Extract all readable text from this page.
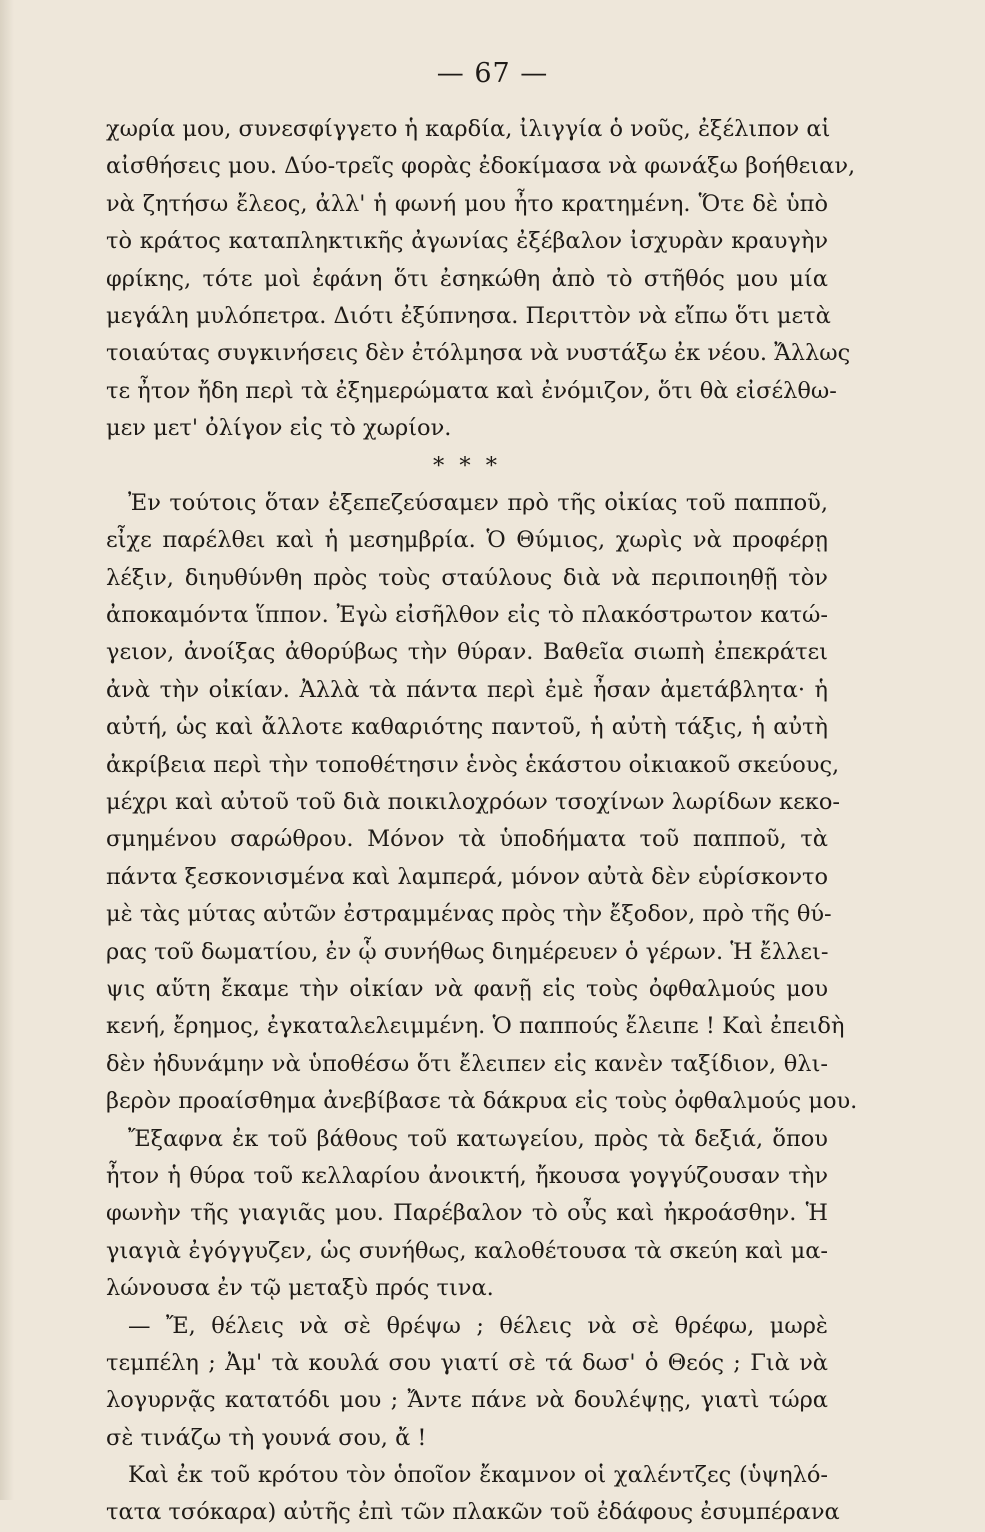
— 67 —
χωρία μου, συνεσφίγγετο ἡ καρδία, ἰλιγγία ὁ νοῦς, ἐξέλιπον αἱ
αἰσθήσεις μου. Δύο-τρεῖς φορὰς ἐδοκίμασα νὰ φωνάξω βοήθειαν,
νὰ ζητήσω ἔλεος, ἀλλ' ἡ φωνή μου ἦτο κρατημένη. Ὅτε δὲ ὑπὸ
τὸ κράτος καταπληκτικῆς ἀγωνίας ἐξέβαλον ἰσχυρὰν κραυγὴν
φρίκης, τότε μοὶ ἐφάνη ὅτι ἐσηκώθη ἀπὸ τὸ στῆθός μου μία
μεγάλη μυλόπετρα. Διότι ἐξύπνησα. Περιττὸν νὰ εἴπω ὅτι μετὰ
τοιαύτας συγκινήσεις δὲν ἐτόλμησα νὰ νυστάξω ἐκ νέου. Ἄλλως
τε ἦτον ἤδη περὶ τὰ ἐξημερώματα καὶ ἐνόμιζον, ὅτι θὰ εἰσέλθω-
μεν μετ' ὀλίγον εἰς τὸ χωρίον.
* * *
Ἐν τούτοις ὅταν ἐξεπεζεύσαμεν πρὸ τῆς οἰκίας τοῦ παπποῦ,
εἶχε παρέλθει καὶ ἡ μεσημβρία. Ὁ Θύμιος, χωρὶς νὰ προφέρῃ
λέξιν, διηυθύνθη πρὸς τοὺς σταύλους διὰ νὰ περιποιηθῇ τὸν
ἀποκαμόντα ἵππον. Ἐγὼ εἰσῆλθον εἰς τὸ πλακόστρωτον κατώ-
γειον, ἀνοίξας ἀθορύβως τὴν θύραν. Βαθεῖα σιωπὴ ἐπεκράτει
ἀνὰ τὴν οἰκίαν. Ἀλλὰ τὰ πάντα περὶ ἐμὲ ἦσαν ἀμετάβλητα· ἡ
αὐτή, ὡς καὶ ἄλλοτε καθαριότης παντοῦ, ἡ αὐτὴ τάξις, ἡ αὐτὴ
ἀκρίβεια περὶ τὴν τοποθέτησιν ἑνὸς ἑκάστου οἰκιακοῦ σκεύους,
μέχρι καὶ αὐτοῦ τοῦ διὰ ποικιλοχρόων τσοχίνων λωρίδων κεκο-
σμημένου σαρώθρου. Μόνον τὰ ὑποδήματα τοῦ παπποῦ, τὰ
πάντα ξεσκονισμένα καὶ λαμπερά, μόνον αὐτὰ δὲν εὑρίσκοντο
μὲ τὰς μύτας αὐτῶν ἐστραμμένας πρὸς τὴν ἔξοδον, πρὸ τῆς θύ-
ρας τοῦ δωματίου, ἐν ᾧ συνήθως διημέρευεν ὁ γέρων. Ἡ ἔλλει-
ψις αὕτη ἔκαμε τὴν οἰκίαν νὰ φανῇ εἰς τοὺς ὀφθαλμούς μου
κενή, ἔρημος, ἐγκαταλελειμμένη. Ὁ παππούς ἔλειπε ! Καὶ ἐπειδὴ
δὲν ἠδυνάμην νὰ ὑποθέσω ὅτι ἔλειπεν εἰς κανὲν ταξίδιον, θλι-
βερὸν προαίσθημα ἀνεβίβασε τὰ δάκρυα εἰς τοὺς ὀφθαλμούς μου.
Ἔξαφνα ἐκ τοῦ βάθους τοῦ κατωγείου, πρὸς τὰ δεξιά, ὅπου
ἦτον ἡ θύρα τοῦ κελλαρίου ἀνοικτή, ἤκουσα γογγύζουσαν τὴν
φωνὴν τῆς γιαγιᾶς μου. Παρέβαλον τὸ οὖς καὶ ἠκροάσθην. Ἡ
γιαγιὰ ἐγόγγυζεν, ὡς συνήθως, καλοθέτουσα τὰ σκεύη καὶ μα-
λώνουσα ἐν τῷ μεταξὺ πρός τινα.
— Ἔ, θέλεις νὰ σὲ θρέψω ; θέλεις νὰ σὲ θρέφω, μωρὲ
τεμπέλη ; Ἀμ' τὰ κουλά σου γιατί σὲ τά δωσ' ὁ Θεός ; Γιὰ νὰ
λογυρνᾷς κατατόδι μου ; Ἄντε πάνε νὰ δουλέψῃς, γιατὶ τώρα
σὲ τινάζω τὴ γουνά σου, ἄ !
Καὶ ἐκ τοῦ κρότου τὸν ὁποῖον ἔκαμνον οἱ χαλέντζες (ὑψηλό-
τατα τσόκαρα) αὐτῆς ἐπὶ τῶν πλακῶν τοῦ ἐδάφους ἐσυμπέρανα
